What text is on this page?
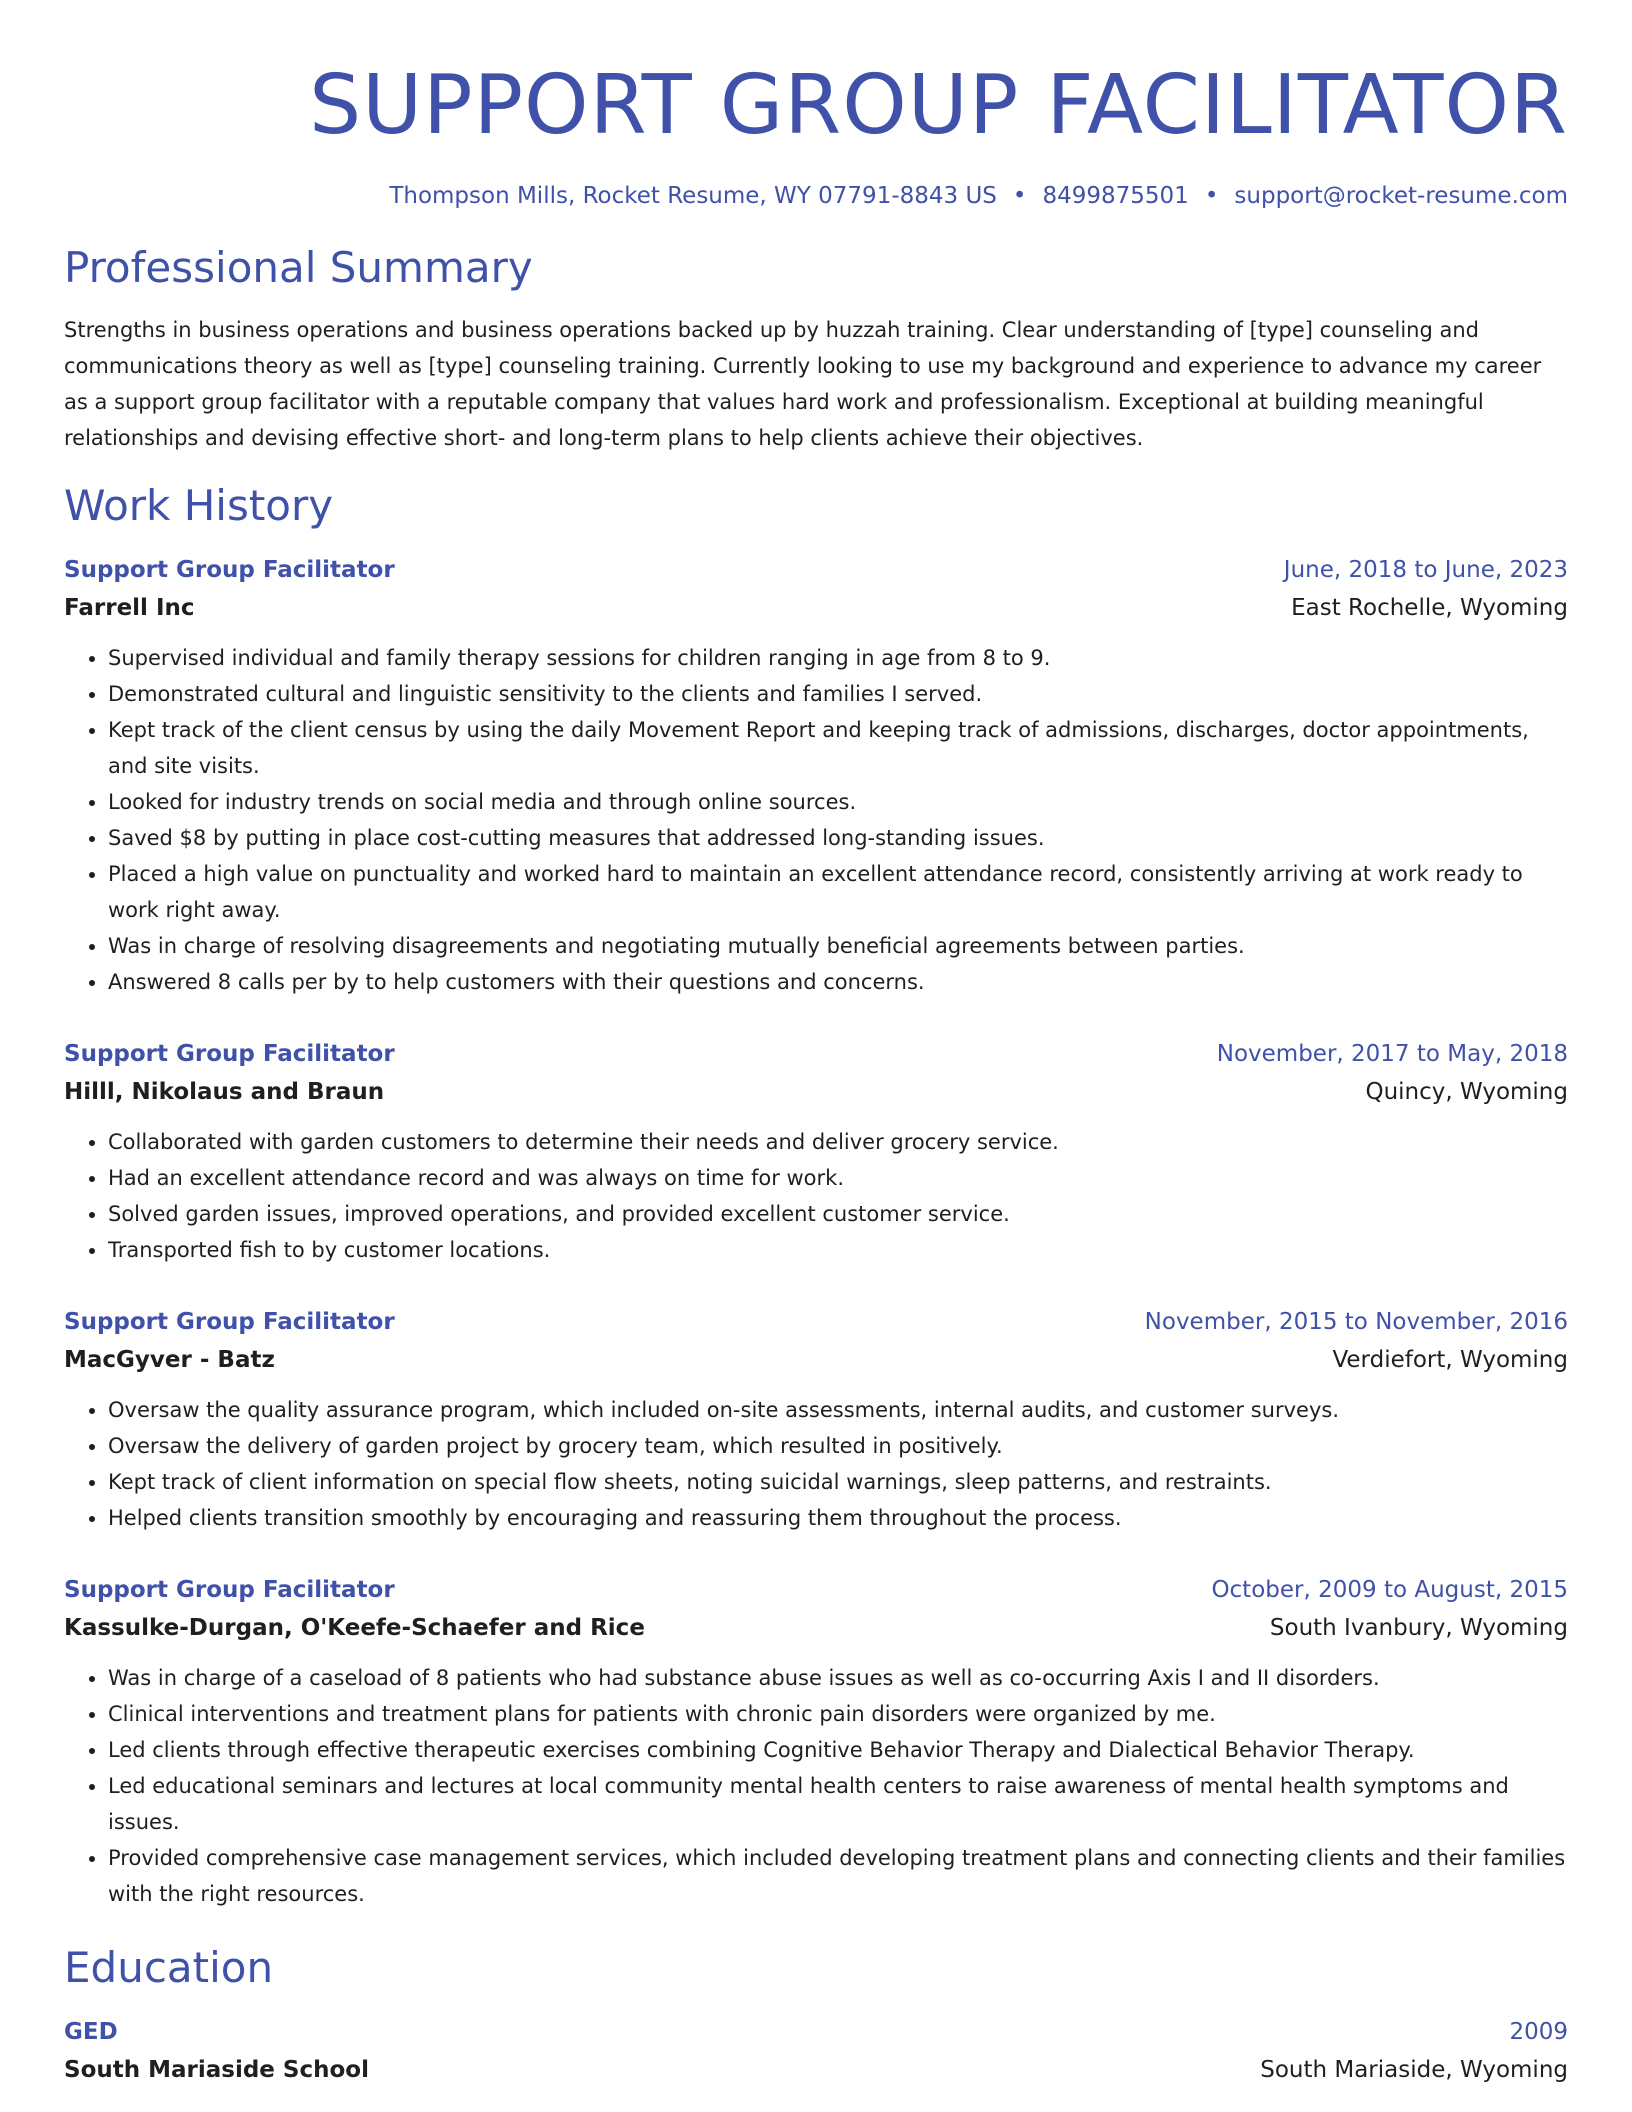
SUPPORT GROUP FACILITATOR
Thompson Mills, Rocket Resume, WY 07791-8843 US • 8499875501 • support@rocket-resume.com
Professional Summary

Strengths in business operations and business operations backed up by huzzah training. Clear understanding of [type] counseling and communications theory as well as [type] counseling training. Currently looking to use my background and experience to advance my career as a support group facilitator with a reputable company that values hard work and professionalism. Exceptional at building meaningful relationships and devising effective short- and long-term plans to help clients achieve their objectives.

Work History
Support Group Facilitator	June, 2018 to June, 2023
Farrell Inc	East Rochelle, Wyoming
• Supervised individual and family therapy sessions for children ranging in age from 8 to 9.
• Demonstrated cultural and linguistic sensitivity to the clients and families I served.
• Kept track of the client census by using the daily Movement Report and keeping track of admissions, discharges, doctor appointments, and site visits.
• Looked for industry trends on social media and through online sources.
• Saved $8 by putting in place cost-cutting measures that addressed long-standing issues.
• Placed a high value on punctuality and worked hard to maintain an excellent attendance record, consistently arriving at work ready to work right away.
• Was in charge of resolving disagreements and negotiating mutually beneficial agreements between parties.
• Answered 8 calls per by to help customers with their questions and concerns.
Support Group Facilitator	November, 2017 to May, 2018
Hilll, Nikolaus and Braun	Quincy, Wyoming
• Collaborated with garden customers to determine their needs and deliver grocery service.
• Had an excellent attendance record and was always on time for work.
• Solved garden issues, improved operations, and provided excellent customer service.
• Transported fish to by customer locations.
Support Group Facilitator	November, 2015 to November, 2016
MacGyver - Batz	Verdiefort, Wyoming
• Oversaw the quality assurance program, which included on-site assessments, internal audits, and customer surveys.
• Oversaw the delivery of garden project by grocery team, which resulted in positively.
• Kept track of client information on special flow sheets, noting suicidal warnings, sleep patterns, and restraints.
• Helped clients transition smoothly by encouraging and reassuring them throughout the process.
Support Group Facilitator	October, 2009 to August, 2015
Kassulke-Durgan, O'Keefe-Schaefer and Rice	South Ivanbury, Wyoming
• Was in charge of a caseload of 8 patients who had substance abuse issues as well as co-occurring Axis I and II disorders.
• Clinical interventions and treatment plans for patients with chronic pain disorders were organized by me.
• Led clients through effective therapeutic exercises combining Cognitive Behavior Therapy and Dialectical Behavior Therapy.
• Led educational seminars and lectures at local community mental health centers to raise awareness of mental health symptoms and issues.
• Provided comprehensive case management services, which included developing treatment plans and connecting clients and their families with the right resources.
Education
GED	2009
South Mariaside School	South Mariaside, Wyoming
